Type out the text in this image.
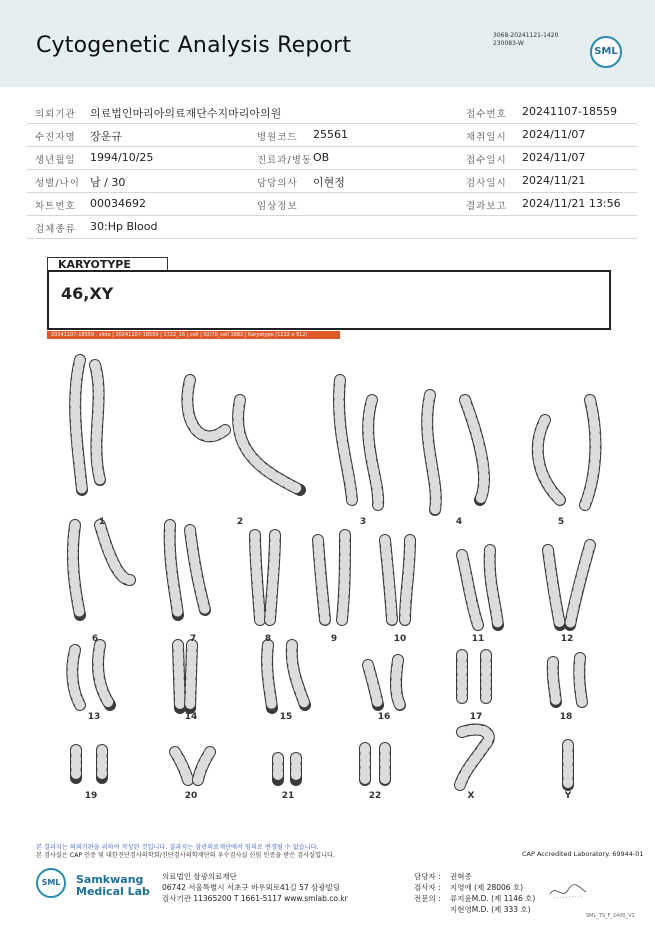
Cytogenetic Analysis Report	3068-20241121-1420
230083-W
SML
의뢰기관 의료법인마리아의료재단수지마리아의원	접수번호 20241107-18559
수진자명 장운규	병원코드 25561	채취일시 2024/11/07
생년월일 1994/10/25	진료과/병동 OB	접수일시 2024/11/07
성별/나이 남 / 30	담당의사 이현정	검사일시 2024/11/21
차트번호 00034692	임상정보	결과보고 2024/11/21 13:56
검체종류 30:Hp Blood
KARYOTYPE
46,XY
20241107-18559 . slide | 20241107-18559 | 1722_16 | cell | 02/70_cell 1882 | Karyotype (1232 x 912)
1	2	3	4	5
6	7	8	9	10	11	12
13	14	15	16	17	18
19	20	21	22	X	Y
본 결과지는 의뢰기관을 위하여 작성된 것입니다. 결과지는 삼광의료재단에서 임의로 변경될 수 없습니다.
본 검사실은 CAP 인증 및 대한진단검사의학회/진단검사의학재단의 우수검사실 신임 인증을 받은 검사실입니다.	CAP Accredited Laboratory. 69944-01
SML	Samkwang
Medical Lab
의료법인 삼광의료재단
06742 서울특별시 서초구 바우뫼로41길 57 삼광빌딩
검사기관 11365200 T 1661-5117 www.smlab.co.kr
담당자 : 권혁종
검사자 : 지영애 (제 28006 호)
전문의 : 류지윤M.D. (제 1146 호)
지현영M.D. (제 333 호)
SML_TS_F_2400_V1
